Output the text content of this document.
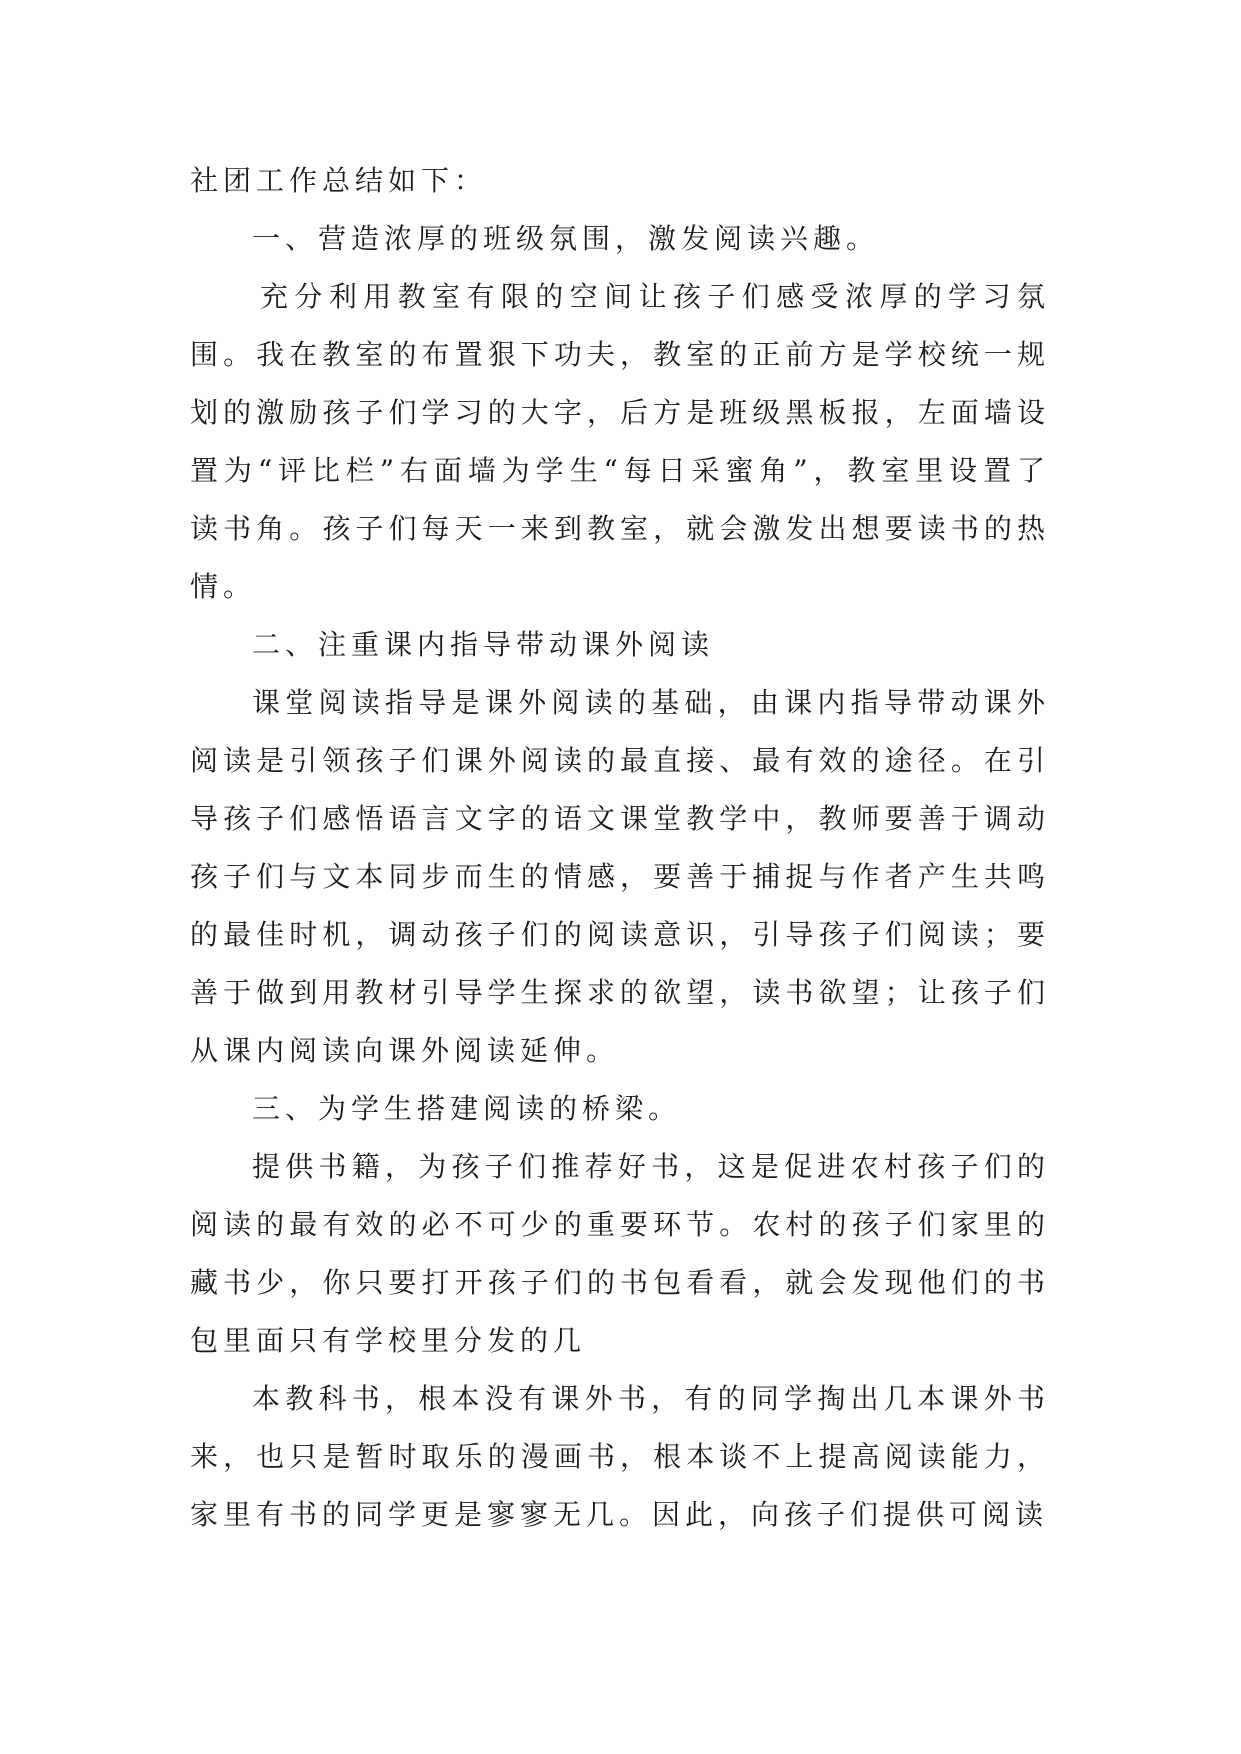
社团工作总结如下：

一、营造浓厚的班级氛围，激发阅读兴趣。

充分利用教室有限的空间让孩子们感受浓厚的学习氛围。我在教室的布置狠下功夫，教室的正前方是学校统一规划的激励孩子们学习的大字，后方是班级黑板报，左面墙设置为“评比栏”右面墙为学生“每日采蜜角”，教室里设置了读书角。孩子们每天一来到教室，就会激发出想要读书的热情。

二、注重课内指导带动课外阅读

课堂阅读指导是课外阅读的基础，由课内指导带动课外阅读是引领孩子们课外阅读的最直接、最有效的途径。在引导孩子们感悟语言文字的语文课堂教学中，教师要善于调动孩子们与文本同步而生的情感，要善于捕捉与作者产生共鸣的最佳时机，调动孩子们的阅读意识，引导孩子们阅读；要善于做到用教材引导学生探求的欲望，读书欲望；让孩子们从课内阅读向课外阅读延伸。

三、为学生搭建阅读的桥梁。

提供书籍，为孩子们推荐好书，这是促进农村孩子们的阅读的最有效的必不可少的重要环节。农村的孩子们家里的藏书少，你只要打开孩子们的书包看看，就会发现他们的书包里面只有学校里分发的几

本教科书，根本没有课外书，有的同学掏出几本课外书来，也只是暂时取乐的漫画书，根本谈不上提高阅读能力，家里有书的同学更是寥寥无几。因此，向孩子们提供可阅读
